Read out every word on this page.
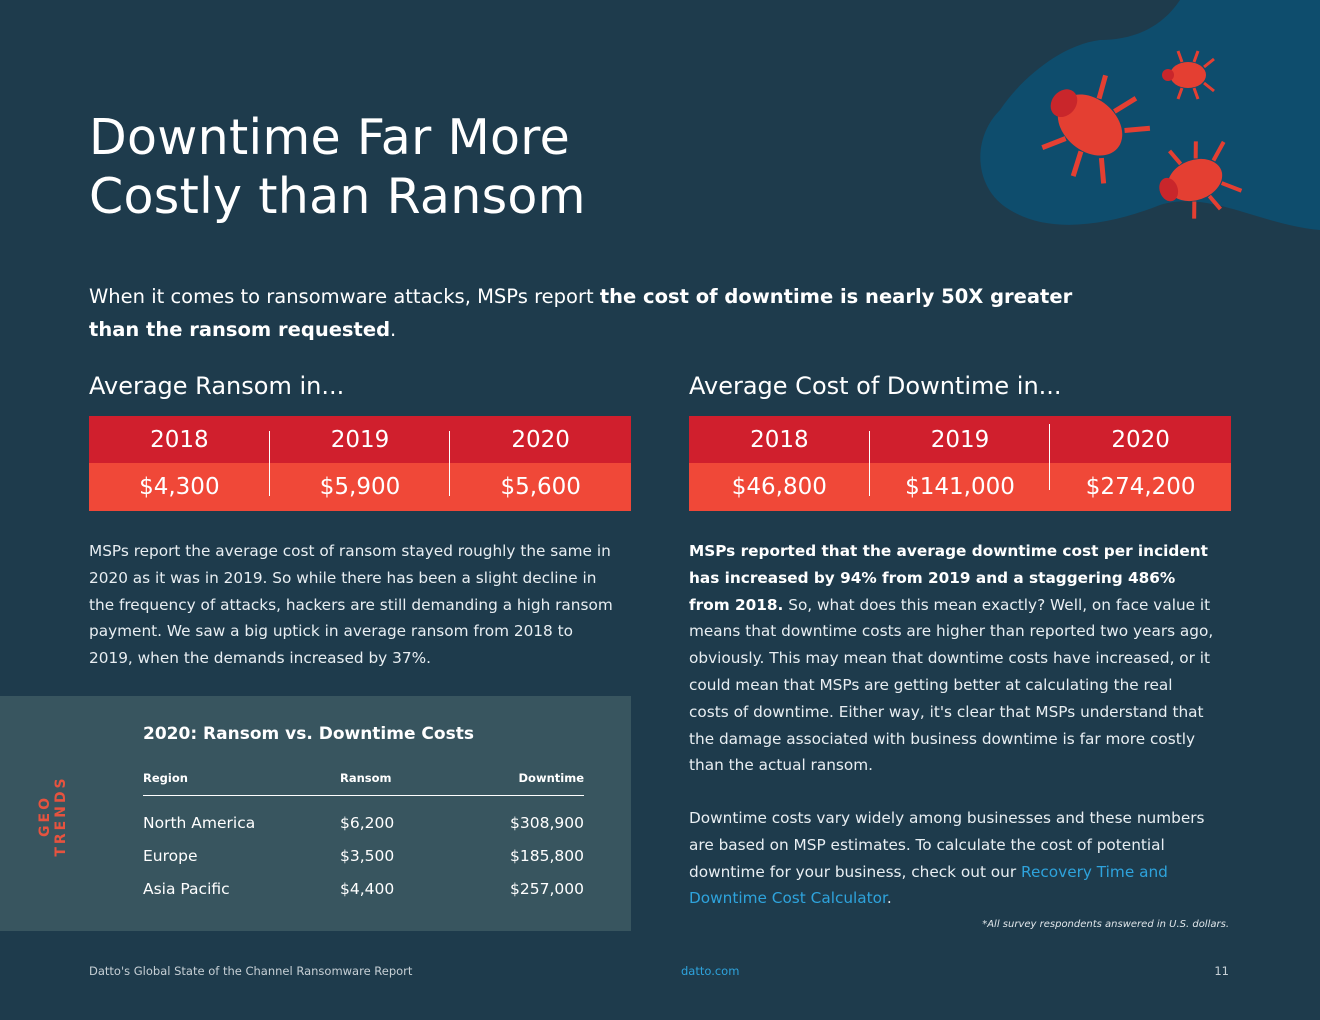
Downtime Far More
Costly than Ransom

When it comes to ransomware attacks, MSPs report the cost of downtime is nearly 50X greater than the ransom requested.

Average Ransom in...
2018	2019	2020
$4,300	$5,900	$5,600

MSPs report the average cost of ransom stayed roughly the same in 2020 as it was in 2019. So while there has been a slight decline in the frequency of attacks, hackers are still demanding a high ransom payment. We saw a big uptick in average ransom from 2018 to 2019, when the demands increased by 37%.

Average Cost of Downtime in...
2018	2019	2020
$46,800	$141,000	$274,200

MSPs reported that the average downtime cost per incident has increased by 94% from 2019 and a staggering 486% from 2018. So, what does this mean exactly? Well, on face value it means that downtime costs are higher than reported two years ago, obviously. This may mean that downtime costs have increased, or it could mean that MSPs are getting better at calculating the real costs of downtime. Either way, it's clear that MSPs understand that the damage associated with business downtime is far more costly than the actual ransom.

Downtime costs vary widely among businesses and these numbers are based on MSP estimates. To calculate the cost of potential downtime for your business, check out our Recovery Time and Downtime Cost Calculator.

GEO TRENDS
2020: Ransom vs. Downtime Costs
Region	Ransom	Downtime
North America	$6,200	$308,900
Europe	$3,500	$185,800
Asia Pacific	$4,400	$257,000
*All survey respondents answered in U.S. dollars.
Datto's Global State of the Channel Ransomware Report	datto.com	11
